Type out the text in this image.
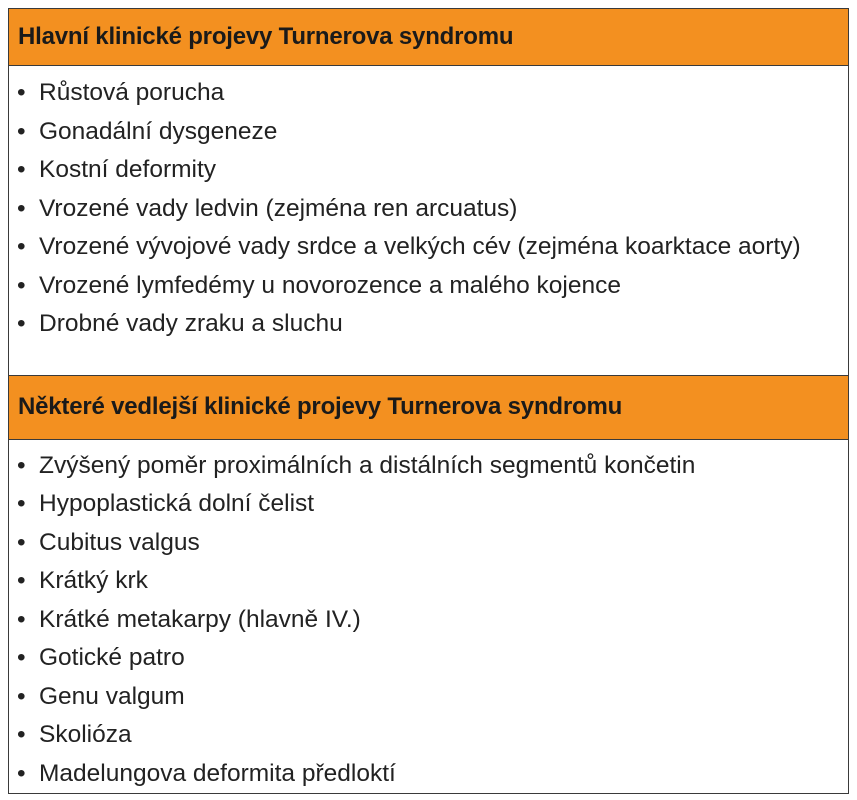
Hlavní klinické projevy Turnerova syndromu
• Růstová porucha
• Gonadální dysgeneze
• Kostní deformity
• Vrozené vady ledvin (zejména ren arcuatus)
• Vrozené vývojové vady srdce a velkých cév (zejména koarktace aorty)
• Vrozené lymfedémy u novorozence a malého kojence
• Drobné vady zraku a sluchu
Některé vedlejší klinické projevy Turnerova syndromu
• Zvýšený poměr proximálních a distálních segmentů končetin
• Hypoplastická dolní čelist
• Cubitus valgus
• Krátký krk
• Krátké metakarpy (hlavně IV.)
• Gotické patro
• Genu valgum
• Skolióza
• Madelungova deformita předloktí
